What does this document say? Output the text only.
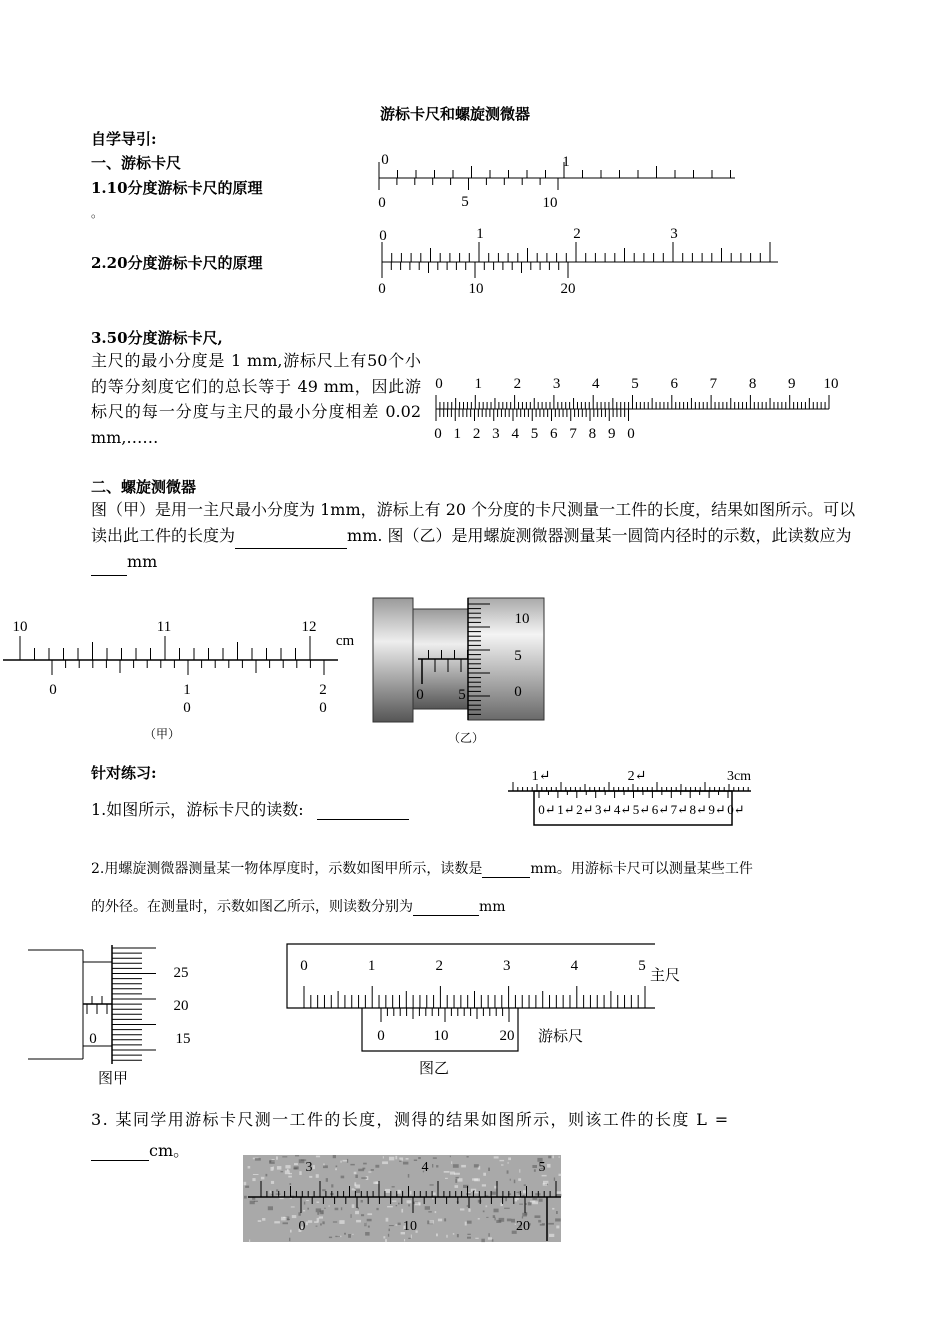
游标卡尺和螺旋测微器
自学导引:
一、游标卡尺
1.10分度游标卡尺的原理
。
2.20分度游标卡尺的原理
3.50分度游标卡尺,
主尺的最小分度是 1 mm,游标尺上有50个小的等分刻度它们的总长等于 49 mm，因此游标尺的每一分度与主尺的最小分度相差 0.02 mm,……
0	1
0	5	10
0	1	2	3
0	10	20
0 1 2 3 4 5 6 7 8 9 10
0 1 2 3 4 5 6 7 8 9 0
二、螺旋测微器
图（甲）是用一主尺最小分度为 1mm，游标上有 20 个分度的卡尺测量一工件的长度，结果如图所示。可以读出此工件的长度为	mm. 图（乙）是用螺旋测微器测量某一圆筒内径时的示数，此读数应为 mm
10	11	12
cm
0	1	2
0	0
（甲）
10
5
0
0 5
（乙）
针对练习:
1.如图所示，游标卡尺的读数:
1↵	2↵	3cm
0↵ 1↵ 2↵ 3↵ 4↵ 5↵ 6↵ 7↵ 8↵ 9↵ 0↵
2.用螺旋测微器测量某一物体厚度时，示数如图甲所示，读数是	mm。用游标卡尺可以测量某些工件
的外径。在测量时，示数如图乙所示，则读数分别为	mm
25
20
15
0
图甲
0	1	2	3	4	5
主尺
0	10	20 游标尺
图乙
3. 某同学用游标卡尺测一工件的长度，测得的结果如图所示，则该工件的长度 L =
cm。
3	4	5
0	10	20
